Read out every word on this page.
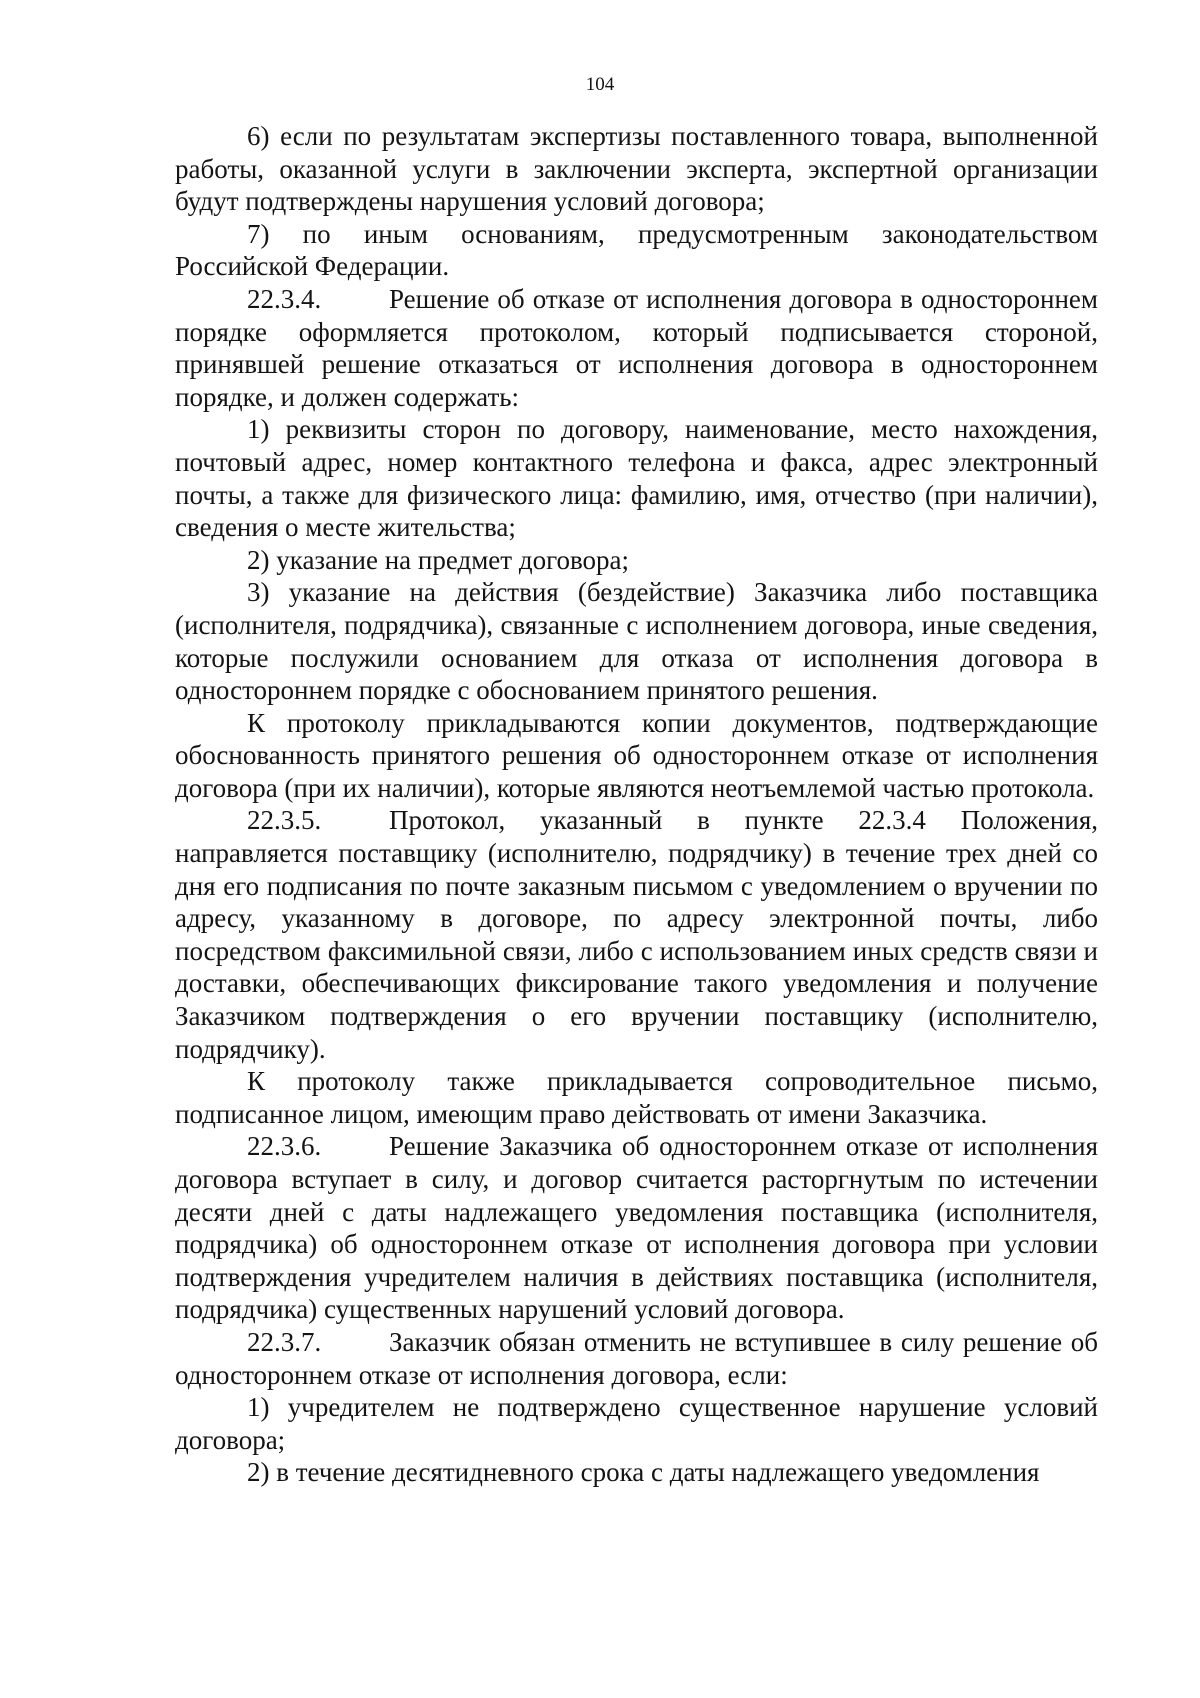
104

6) если по результатам экспертизы поставленного товара, выполненной работы, оказанной услуги в заключении эксперта, экспертной организации будут подтверждены нарушения условий договора;

7) по иным основаниям, предусмотренным законодательством Российской Федерации.

22.3.4.	Решение об отказе от исполнения договора в одностороннем порядке оформляется протоколом, который подписывается стороной, принявшей решение отказаться от исполнения договора в одностороннем порядке, и должен содержать:

1) реквизиты сторон по договору, наименование, место нахождения, почтовый адрес, номер контактного телефона и факса, адрес электронный почты, а также для физического лица: фамилию, имя, отчество (при наличии), сведения о месте жительства;

2) указание на предмет договора;

3) указание на действия (бездействие) Заказчика либо поставщика (исполнителя, подрядчика), связанные с исполнением договора, иные сведения, которые послужили основанием для отказа от исполнения договора в одностороннем порядке с обоснованием принятого решения.

К протоколу прикладываются копии документов, подтверждающие обоснованность принятого решения об одностороннем отказе от исполнения договора (при их наличии), которые являются неотъемлемой частью протокола.

22.3.5.	Протокол, указанный в пункте 22.3.4 Положения, направляется поставщику (исполнителю, подрядчику) в течение трех дней со дня его подписания по почте заказным письмом с уведомлением о вручении по адресу, указанному в договоре, по адресу электронной почты, либо посредством факсимильной связи, либо с использованием иных средств связи и доставки, обеспечивающих фиксирование такого уведомления и получение Заказчиком подтверждения о его вручении поставщику (исполнителю, подрядчику).

К протоколу также прикладывается сопроводительное письмо, подписанное лицом, имеющим право действовать от имени Заказчика.

22.3.6.	Решение Заказчика об одностороннем отказе от исполнения договора вступает в силу, и договор считается расторгнутым по истечении десяти дней с даты надлежащего уведомления поставщика (исполнителя, подрядчика) об одностороннем отказе от исполнения договора при условии подтверждения учредителем наличия в действиях поставщика (исполнителя, подрядчика) существенных нарушений условий договора.

22.3.7.	Заказчик обязан отменить не вступившее в силу решение об одностороннем отказе от исполнения договора, если:

1) учредителем не подтверждено существенное нарушение условий договора;

2) в течение десятидневного срока с даты надлежащего уведомления
